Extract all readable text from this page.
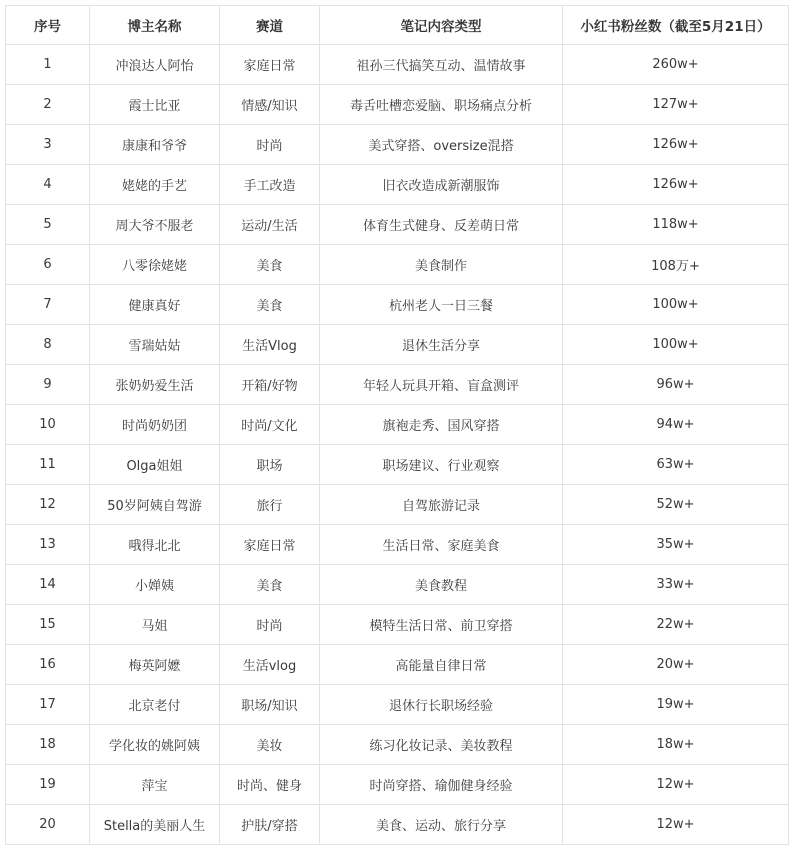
序号	博主名称	赛道	笔记内容类型	小红书粉丝数（截至5月21日）
1	冲浪达人阿怡	家庭日常	祖孙三代搞笑互动、温情故事	260w+
2	霞士比亚	情感/知识	毒舌吐槽恋爱脑、职场痛点分析	127w+
3	康康和爷爷	时尚	美式穿搭、oversize混搭	126w+
4	姥姥的手艺	手工改造	旧衣改造成新潮服饰	126w+
5	周大爷不服老	运动/生活	体育生式健身、反差萌日常	118w+
6	八零徐姥姥	美食	美食制作	108万+
7	健康真好	美食	杭州老人一日三餐	100w+
8	雪瑞姑姑	生活Vlog	退休生活分享	100w+
9	张奶奶爱生活	开箱/好物	年轻人玩具开箱、盲盒测评	96w+
10	时尚奶奶团	时尚/文化	旗袍走秀、国风穿搭	94w+
11	Olga姐姐	职场	职场建议、行业观察	63w+
12	50岁阿姨自驾游	旅行	自驾旅游记录	52w+
13	哦得北北	家庭日常	生活日常、家庭美食	35w+
14	小婵姨	美食	美食教程	33w+
15	马姐	时尚	模特生活日常、前卫穿搭	22w+
16	梅英阿嬷	生活vlog	高能量自律日常	20w+
17	北京老付	职场/知识	退休行长职场经验	19w+
18	学化妆的姚阿姨	美妆	练习化妆记录、美妆教程	18w+
19	萍宝	时尚、健身	时尚穿搭、瑜伽健身经验	12w+
20	Stella的美丽人生	护肤/穿搭	美食、运动、旅行分享	12w+
